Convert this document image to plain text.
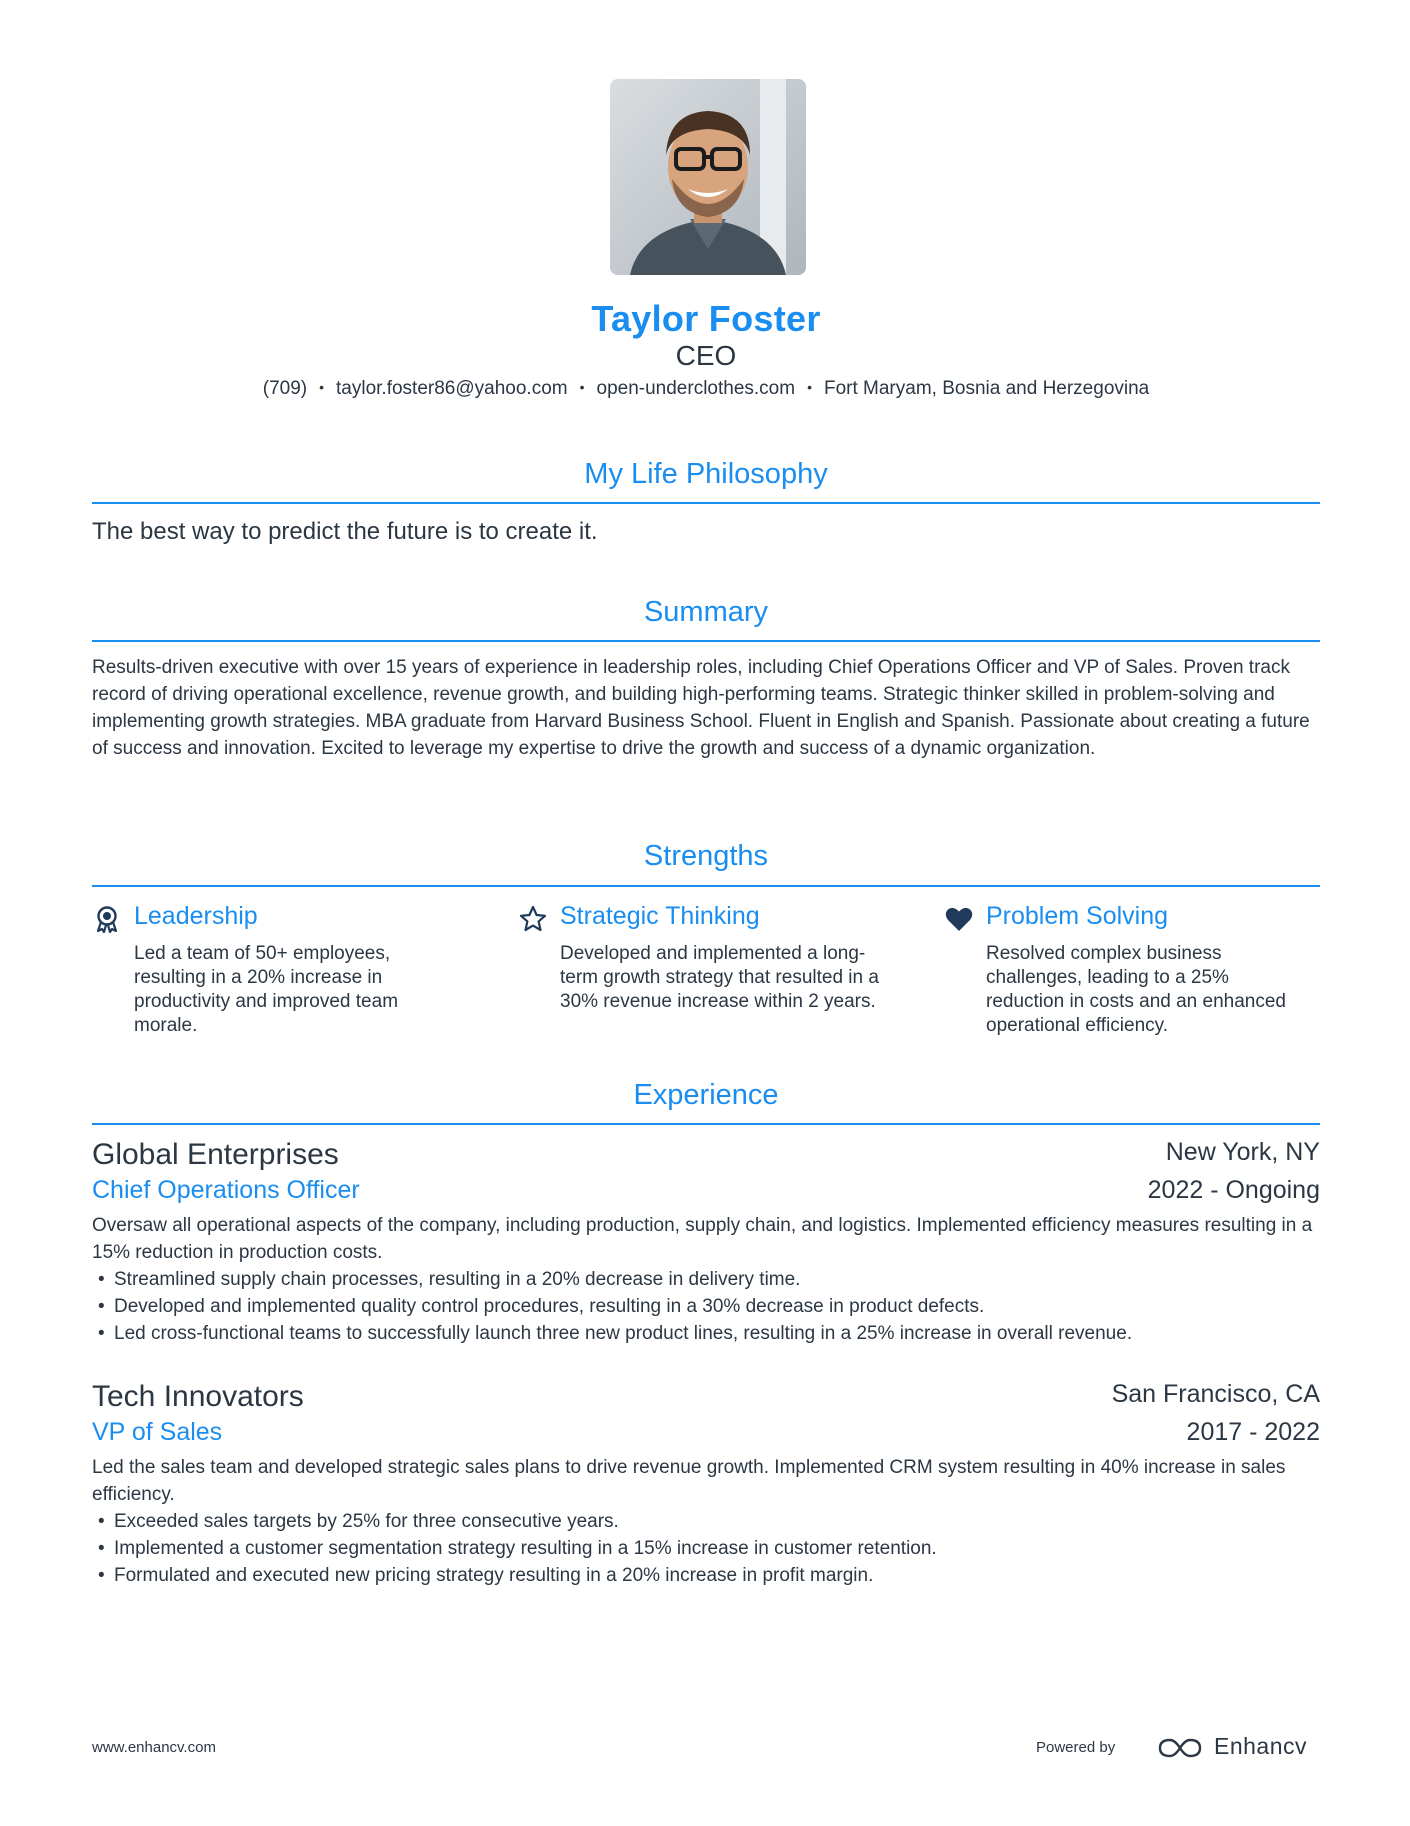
Taylor Foster
CEO
(709) • taylor.foster86@yahoo.com • open-underclothes.com • Fort Maryam, Bosnia and Herzegovina
My Life Philosophy
The best way to predict the future is to create it.
Summary
Results-driven executive with over 15 years of experience in leadership roles, including Chief Operations Officer and VP of Sales. Proven track record of driving operational excellence, revenue growth, and building high-performing teams. Strategic thinker skilled in problem-solving and implementing growth strategies. MBA graduate from Harvard Business School. Fluent in English and Spanish. Passionate about creating a future of success and innovation. Excited to leverage my expertise to drive the growth and success of a dynamic organization.
Strengths
Leadership
Led a team of 50+ employees, resulting in a 20% increase in productivity and improved team morale.
Strategic Thinking
Developed and implemented a long-term growth strategy that resulted in a 30% revenue increase within 2 years.
Problem Solving
Resolved complex business challenges, leading to a 25% reduction in costs and an enhanced operational efficiency.
Experience
Global Enterprises	New York, NY
Chief Operations Officer	2022 - Ongoing
Oversaw all operational aspects of the company, including production, supply chain, and logistics. Implemented efficiency measures resulting in a 15% reduction in production costs.
• Streamlined supply chain processes, resulting in a 20% decrease in delivery time.
• Developed and implemented quality control procedures, resulting in a 30% decrease in product defects.
• Led cross-functional teams to successfully launch three new product lines, resulting in a 25% increase in overall revenue.
Tech Innovators	San Francisco, CA
VP of Sales	2017 - 2022
Led the sales team and developed strategic sales plans to drive revenue growth. Implemented CRM system resulting in 40% increase in sales efficiency.
• Exceeded sales targets by 25% for three consecutive years.
• Implemented a customer segmentation strategy resulting in a 15% increase in customer retention.
• Formulated and executed new pricing strategy resulting in a 20% increase in profit margin.
www.enhancv.com	Powered by	Enhancv
